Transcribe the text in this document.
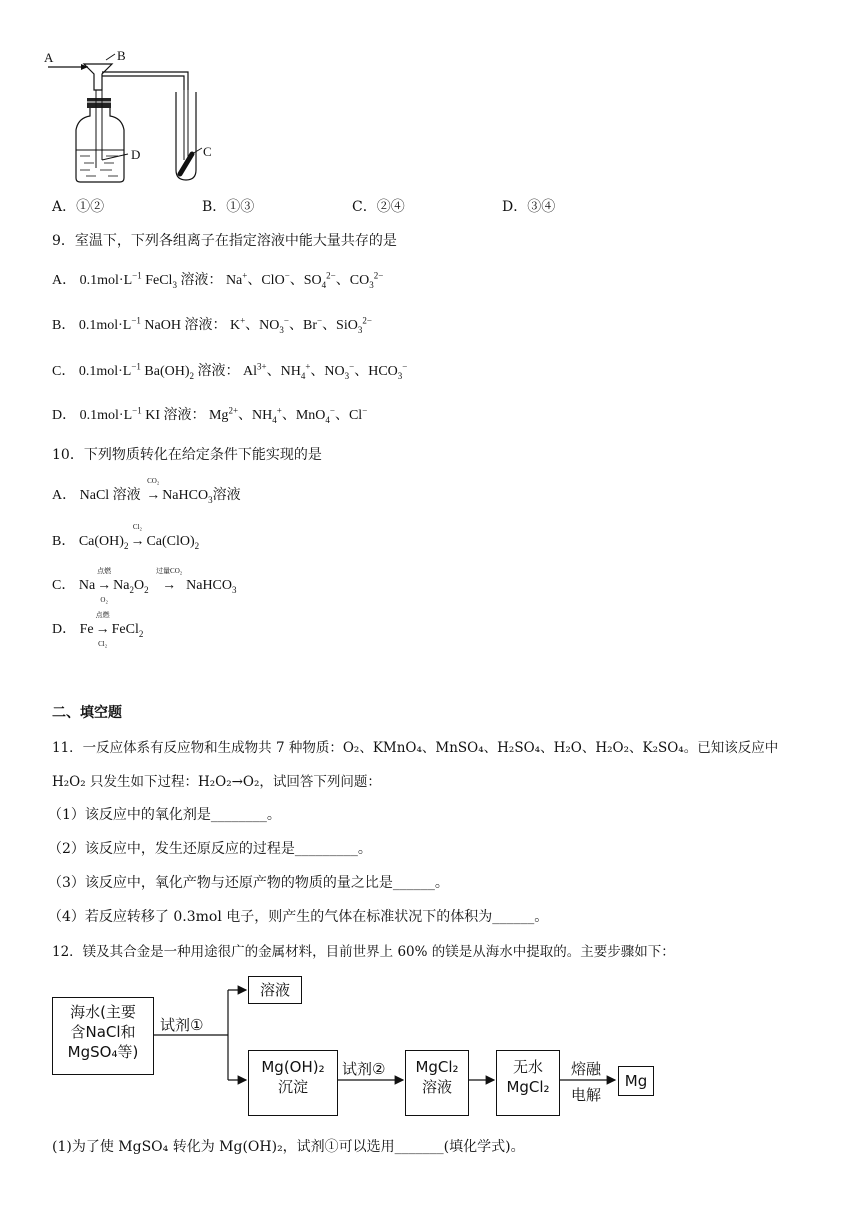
A	B
D	C
A．①②	B．①③	C．②④	D．③④
9．室温下，下列各组离子在指定溶液中能大量共存的是
A． $0.1mol\cdot L^{-1}$ FeCl$_3$ 溶液： Na+、ClO−、$SO_4^{2-}$、$CO_3^{2-}$
B． $0.1mol\cdot L^{-1}$ NaOH 溶液： K+、$NO_3^-$、Br−、SiO$_3^{2-}$
C． $0.1mol\cdot L^{-1}$ $Ba(OH)_2$ 溶液： $Al^{3+}$、$NH_4^+$、$NO_3^-$、$HCO_3^-$
D． $0.1mol\cdot L^{-1}$ KI 溶液： $Mg^{2+}$、$NH_4^+$、MnO$_4$−、Cl−
10．下列物质转化在给定条件下能实现的是
A． NaCl 溶液
CO₂
→ NaHCO$_3$溶液
B． $Ca(OH)_2$
Cl₂
→ $Ca(ClO)_2$
C． Na
点燃
→
O₂
$Na_2O_2$
过量CO₂
→ NaHCO$_3$
D． Fe
点燃
→
Cl₂
FeCl$_2$
二、填空题
11．一反应体系有反应物和生成物共 7 种物质：O₂、KMnO₄、MnSO₄、H₂SO₄、H₂O、H₂O₂、K₂SO₄。已知该反应中
H₂O₂ 只发生如下过程：H₂O₂→O₂，试回答下列问题：
（1）该反应中的氧化剂是________。
（2）该反应中，发生还原反应的过程是_________。
（3）该反应中，氧化产物与还原产物的物质的量之比是______。
（4）若反应转移了 0.3mol 电子，则产生的气体在标准状况下的体积为______。
12．镁及其合金是一种用途很广的金属材料，目前世界上 60% 的镁是从海水中提取的。主要步骤如下：
海水(主要
含NaCl和
MgSO₄等)
试剂①
溶液
Mg(OH)₂
沉淀
试剂②	MgCl₂
溶液
无水
MgCl₂
熔融
电解
Mg
(1)为了使 MgSO₄ 转化为 Mg(OH)₂，试剂①可以选用_______(填化学式)。
